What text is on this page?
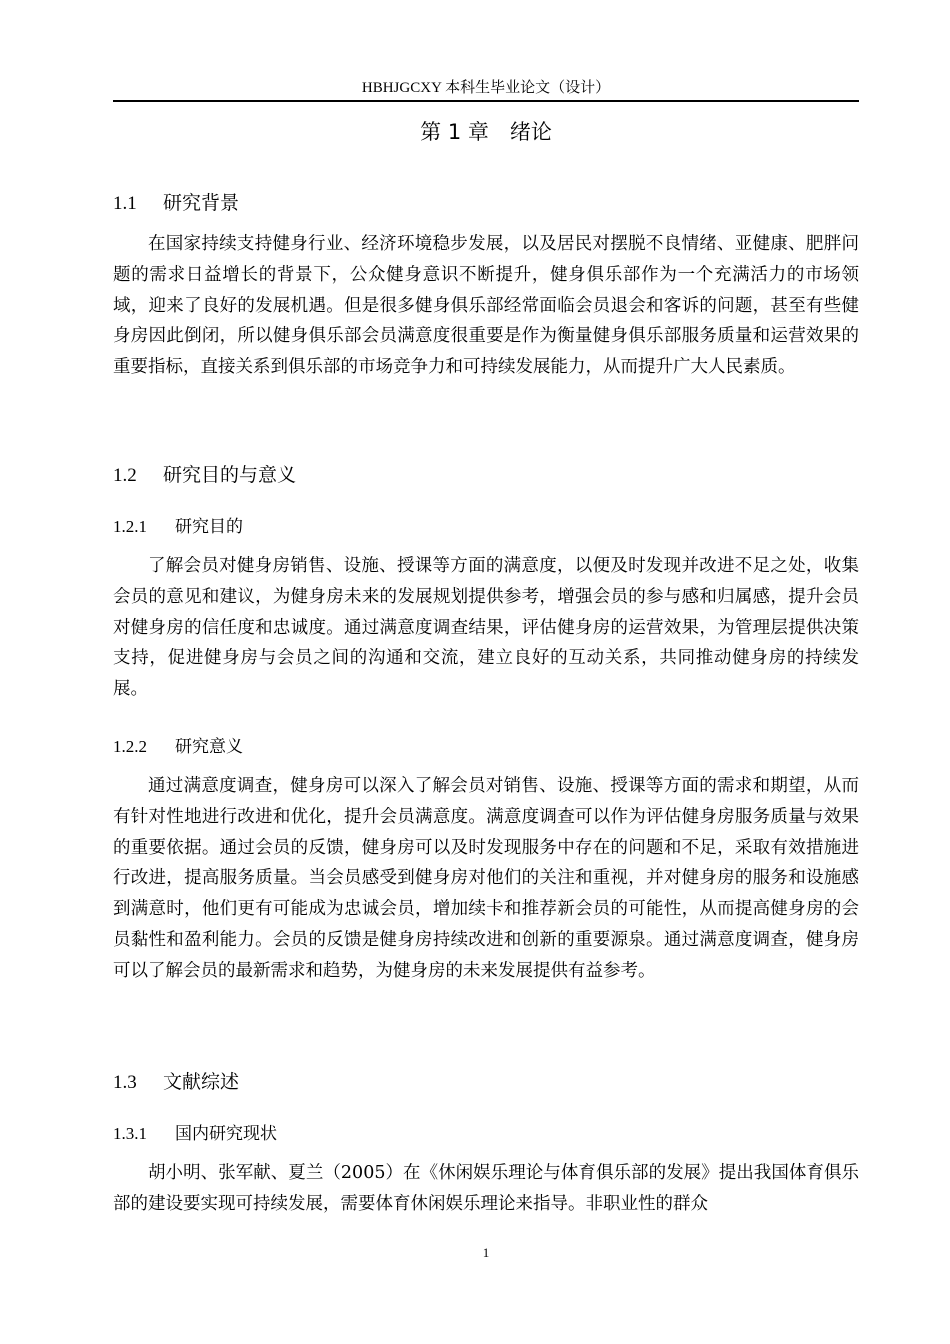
HBHJGCXY 本科生毕业论文（设计）
第 1 章　绪论
1.1 研究背景

在国家持续支持健身行业、经济环境稳步发展，以及居民对摆脱不良情绪、亚健康、肥胖问题的需求日益增长的背景下，公众健身意识不断提升，健身俱乐部作为一个充满活力的市场领域，迎来了良好的发展机遇。但是很多健身俱乐部经常面临会员退会和客诉的问题，甚至有些健身房因此倒闭，所以健身俱乐部会员满意度很重要是作为衡量健身俱乐部服务质量和运营效果的重要指标，直接关系到俱乐部的市场竞争力和可持续发展能力，从而提升广大人民素质。

1.2 研究目的与意义
1.2.1 研究目的

了解会员对健身房销售、设施、授课等方面的满意度，以便及时发现并改进不足之处，收集会员的意见和建议，为健身房未来的发展规划提供参考，增强会员的参与感和归属感，提升会员对健身房的信任度和忠诚度。通过满意度调查结果，评估健身房的运营效果，为管理层提供决策支持，促进健身房与会员之间的沟通和交流，建立良好的互动关系，共同推动健身房的持续发展。

1.2.2 研究意义

通过满意度调查，健身房可以深入了解会员对销售、设施、授课等方面的需求和期望，从而有针对性地进行改进和优化，提升会员满意度。满意度调查可以作为评估健身房服务质量与效果的重要依据。通过会员的反馈，健身房可以及时发现服务中存在的问题和不足，采取有效措施进行改进，提高服务质量。当会员感受到健身房对他们的关注和重视，并对健身房的服务和设施感到满意时，他们更有可能成为忠诚会员，增加续卡和推荐新会员的可能性，从而提高健身房的会员黏性和盈利能力。会员的反馈是健身房持续改进和创新的重要源泉。通过满意度调查，健身房可以了解会员的最新需求和趋势，为健身房的未来发展提供有益参考。

1.3 文献综述
1.3.1 国内研究现状

胡小明、张军献、夏兰（2005）在《休闲娱乐理论与体育俱乐部的发展》提出我国体育俱乐部的建设要实现可持续发展，需要体育休闲娱乐理论来指导。非职业性的群众

1
